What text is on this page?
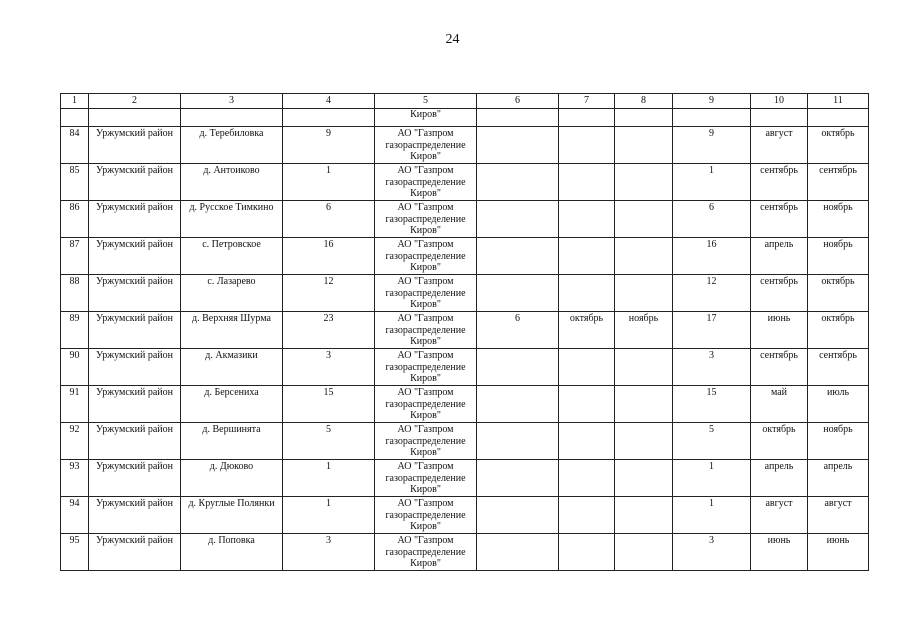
24
1	2	3	4	5	6	7	8	9	10	11
				Киров"						
84	Уржумский район	д. Теребиловка	9	АО "Газпром газораспределение Киров"				9	август	октябрь
85	Уржумский район	д. Антоиково	1	АО "Газпром газораспределение Киров"				1	сентябрь	сентябрь
86	Уржумский район	д. Русское Тимкино	6	АО "Газпром газораспределение Киров"				6	сентябрь	ноябрь
87	Уржумский район	с. Петровское	16	АО "Газпром газораспределение Киров"				16	апрель	ноябрь
88	Уржумский район	с. Лазарево	12	АО "Газпром газораспределение Киров"				12	сентябрь	октябрь
89	Уржумский район	д. Верхняя Шурма	23	АО "Газпром газораспределение Киров"	6	октябрь	ноябрь	17	июнь	октябрь
90	Уржумский район	д. Акмазики	3	АО "Газпром газораспределение Киров"				3	сентябрь	сентябрь
91	Уржумский район	д. Берсениха	15	АО "Газпром газораспределение Киров"				15	май	июль
92	Уржумский район	д. Вершинята	5	АО "Газпром газораспределение Киров"				5	октябрь	ноябрь
93	Уржумский район	д. Дюково	1	АО "Газпром газораспределение Киров"				1	апрель	апрель
94	Уржумский район	д. Круглые Полянки	1	АО "Газпром газораспределение Киров"				1	август	август
95	Уржумский район	д. Поповка	3	АО "Газпром газораспределение Киров"				3	июнь	июнь
